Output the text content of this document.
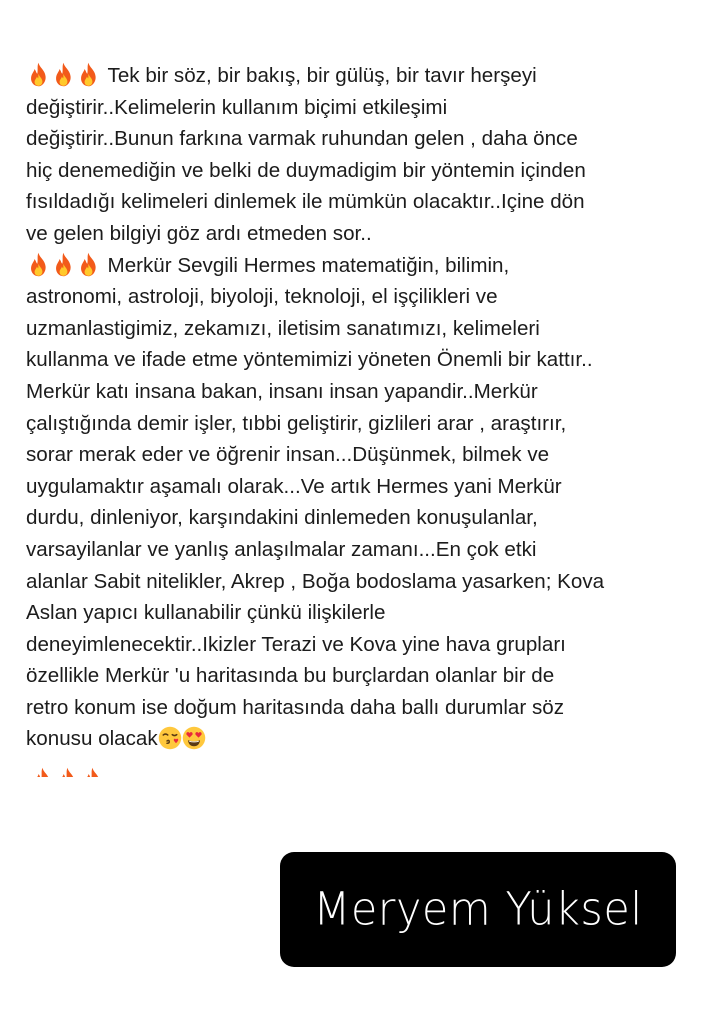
Tek bir söz, bir bakış, bir gülüş, bir tavır herşeyi
değiştirir..Kelimelerin kullanım biçimi etkileşimi
değiştirir..Bunun farkına varmak ruhundan gelen , daha önce
hiç denemediğin ve belki de duymadigim bir yöntemin içinden
fısıldadığı kelimeleri dinlemek ile mümkün olacaktır..Içine dön
ve gelen bilgiyi göz ardı etmeden sor..
Merkür Sevgili Hermes matematiğin, bilimin,
astronomi, astroloji, biyoloji, teknoloji, el işçilikleri ve
uzmanlastigimiz, zekamızı, iletisim sanatımızı, kelimeleri
kullanma ve ifade etme yöntemimizi yöneten Önemli bir kattır..
Merkür katı insana bakan, insanı insan yapandir..Merkür
çalıştığında demir işler, tıbbi geliştirir, gizlileri arar , araştırır,
sorar merak eder ve öğrenir insan...Düşünmek, bilmek ve
uygulamaktır aşamalı olarak...Ve artık Hermes yani Merkür
durdu, dinleniyor, karşındakini dinlemeden konuşulanlar,
varsayilanlar ve yanlış anlaşılmalar zamanı...En çok etki
alanlar Sabit nitelikler, Akrep , Boğa bodoslama yasarken; Kova
Aslan yapıcı kullanabilir çünkü ilişkilerle
deneyimlenecektir..Ikizler Terazi ve Kova yine hava grupları
özellikle Merkür 'u haritasında bu burçlardan olanlar bir de
retro konum ise doğum haritasında daha ballı durumlar söz
konusu olacak
Meryem Yüksel
